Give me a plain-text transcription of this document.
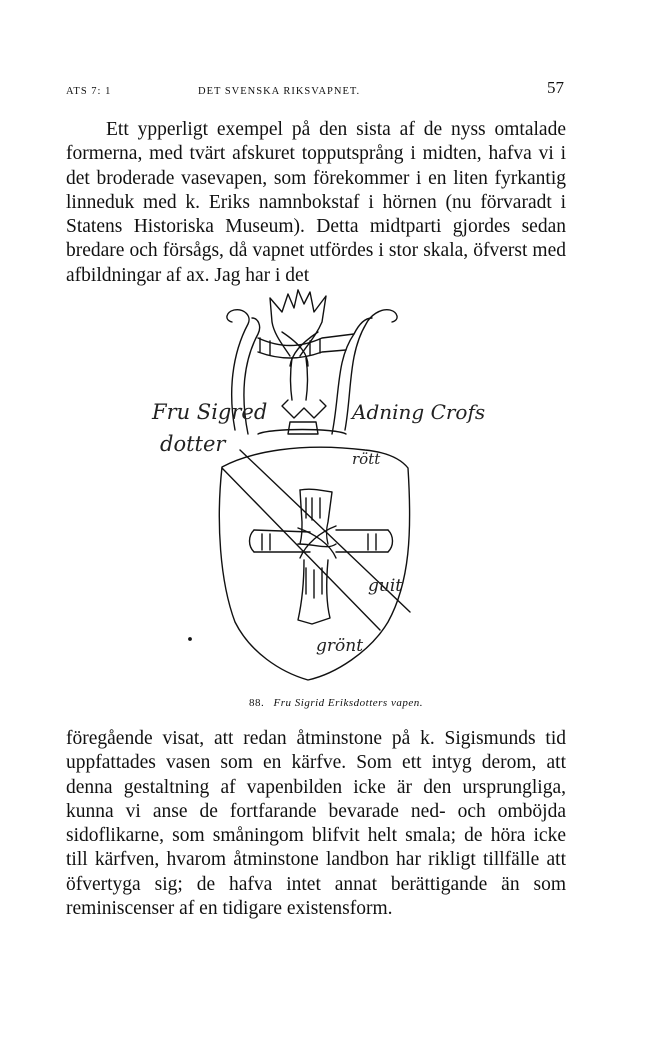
ATS 7: 1	DET SVENSKA RIKSVAPNET.	57

Ett ypperligt exempel på den sista af de nyss omtalade formerna, med tvärt afskuret topputsprång i midten, hafva vi i det broderade vasevapen, som förekommer i en liten fyrkantig linneduk med k. Eriks namnbokstaf i hörnen (nu förvaradt i Statens Historiska Museum). Detta midtparti gjordes sedan bredare och försågs, då vapnet utfördes i stor skala, öfverst med afbildningar af ax. Jag har i det

Fru Sigred
dotter
Adning Crofs
rött
guit
grönt
88. Fru Sigrid Eriksdotters vapen.

föregående visat, att redan åtminstone på k. Sigismunds tid uppfattades vasen som en kärfve. Som ett intyg derom, att denna gestaltning af vapenbilden icke är den ursprungliga, kunna vi anse de fortfarande bevarade ned- och omböjda sidoflikarne, som småningom blifvit helt smala; de höra icke till kärfven, hvarom åtminstone landbon har rikligt tillfälle att öfvertyga sig; de hafva intet annat berättigande än som reminiscenser af en tidigare existensform.
